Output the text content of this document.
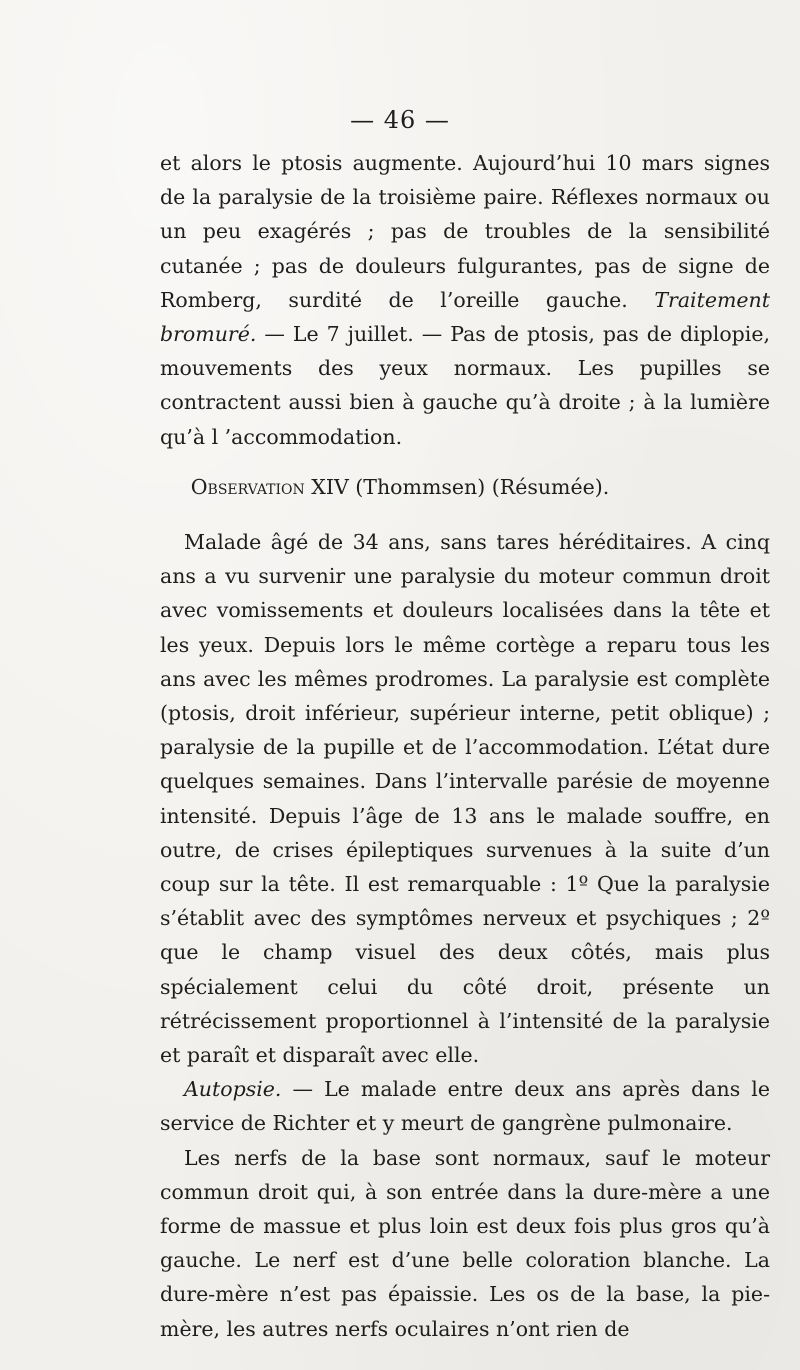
— 46 —

et alors le ptosis augmente. Aujourd’hui 10 mars signes de la paralysie de la troisième paire. Réflexes normaux ou un peu exagérés ; pas de troubles de la sensibilité cutanée ; pas de douleurs fulgurantes, pas de signe de Romberg, surdité de l’oreille gauche. Traitement bromuré. — Le 7 juillet. — Pas de ptosis, pas de diplopie, mouvements des yeux normaux. Les pupilles se contractent aussi bien à gauche qu’à droite ; à la lumière qu’à l ’accommodation.

Observation XIV (Thommsen) (Résumée).

Malade âgé de 34 ans, sans tares héréditaires. A cinq ans a vu survenir une paralysie du moteur commun droit avec vomissements et douleurs localisées dans la tête et les yeux. Depuis lors le même cortège a reparu tous les ans avec les mêmes prodromes. La paralysie est complète (ptosis, droit inférieur, supérieur interne, petit oblique) ; paralysie de la pupille et de l’accommodation. L’état dure quelques semaines. Dans l’intervalle parésie de moyenne intensité. Depuis l’âge de 13 ans le malade souffre, en outre, de crises épileptiques survenues à la suite d’un coup sur la tête. Il est remarquable : 1º Que la paralysie s’établit avec des symptômes nerveux et psychiques ; 2º que le champ visuel des deux côtés, mais plus spécialement celui du côté droit, présente un rétrécissement proportionnel à l’intensité de la paralysie et paraît et disparaît avec elle.

Autopsie. — Le malade entre deux ans après dans le service de Richter et y meurt de gangrène pulmonaire.

Les nerfs de la base sont normaux, sauf le moteur commun droit qui, à son entrée dans la dure-mère a une forme de massue et plus loin est deux fois plus gros qu’à gauche. Le nerf est d’une belle coloration blanche. La dure-mère n’est pas épaissie. Les os de la base, la pie-mère, les autres nerfs oculaires n’ont rien de
